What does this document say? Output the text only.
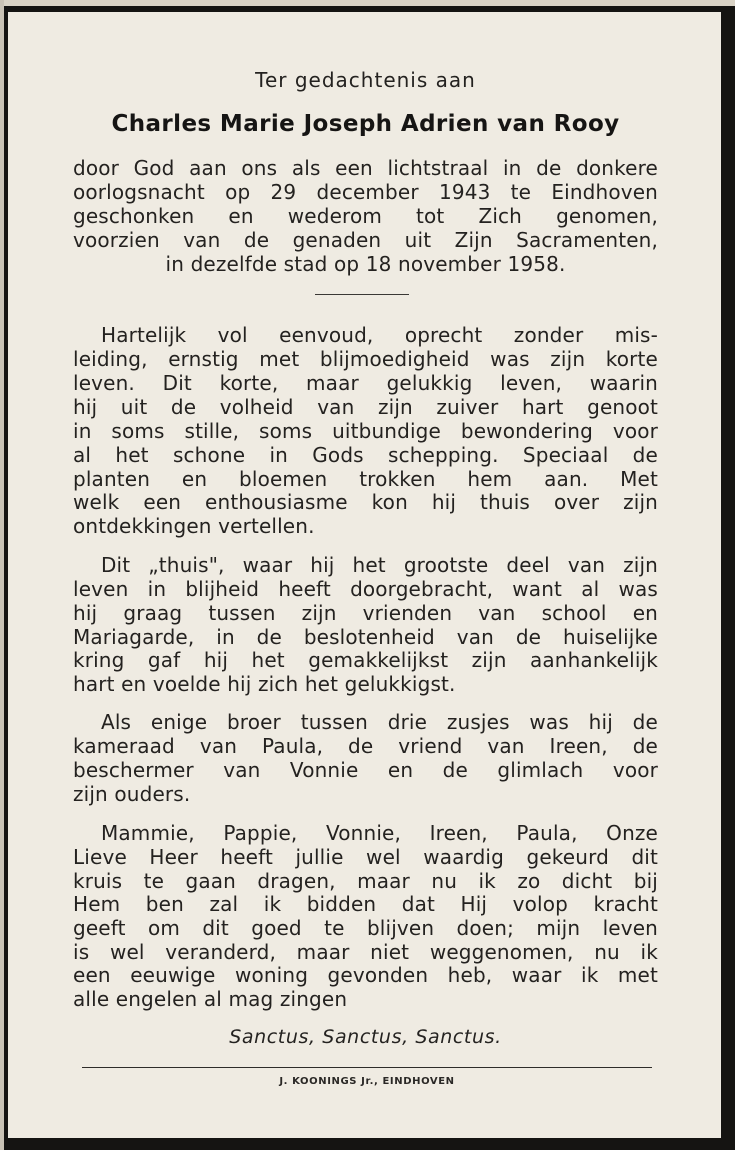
Ter gedachtenis aan
Charles Marie Joseph Adrien van Rooy
door God aan ons als een lichtstraal in de donkere
oorlogsnacht op 29 december 1943 te Eindhoven
geschonken en wederom tot Zich genomen,
voorzien van de genaden uit Zijn Sacramenten,
in dezelfde stad op 18 november 1958.
Hartelijk vol eenvoud, oprecht zonder mis-
leiding, ernstig met blijmoedigheid was zijn korte
leven. Dit korte, maar gelukkig leven, waarin
hij uit de volheid van zijn zuiver hart genoot
in soms stille, soms uitbundige bewondering voor
al het schone in Gods schepping. Speciaal de
planten en bloemen trokken hem aan. Met
welk een enthousiasme kon hij thuis over zijn
ontdekkingen vertellen.
Dit „thuis", waar hij het grootste deel van zijn
leven in blijheid heeft doorgebracht, want al was
hij graag tussen zijn vrienden van school en
Mariagarde, in de beslotenheid van de huiselijke
kring gaf hij het gemakkelijkst zijn aanhankelijk
hart en voelde hij zich het gelukkigst.
Als enige broer tussen drie zusjes was hij de
kameraad van Paula, de vriend van Ireen, de
beschermer van Vonnie en de glimlach voor
zijn ouders.
Mammie, Pappie, Vonnie, Ireen, Paula, Onze
Lieve Heer heeft jullie wel waardig gekeurd dit
kruis te gaan dragen, maar nu ik zo dicht bij
Hem ben zal ik bidden dat Hij volop kracht
geeft om dit goed te blijven doen; mijn leven
is wel veranderd, maar niet weggenomen, nu ik
een eeuwige woning gevonden heb, waar ik met
alle engelen al mag zingen
Sanctus, Sanctus, Sanctus.
J. KOONINGS Jr., EINDHOVEN
